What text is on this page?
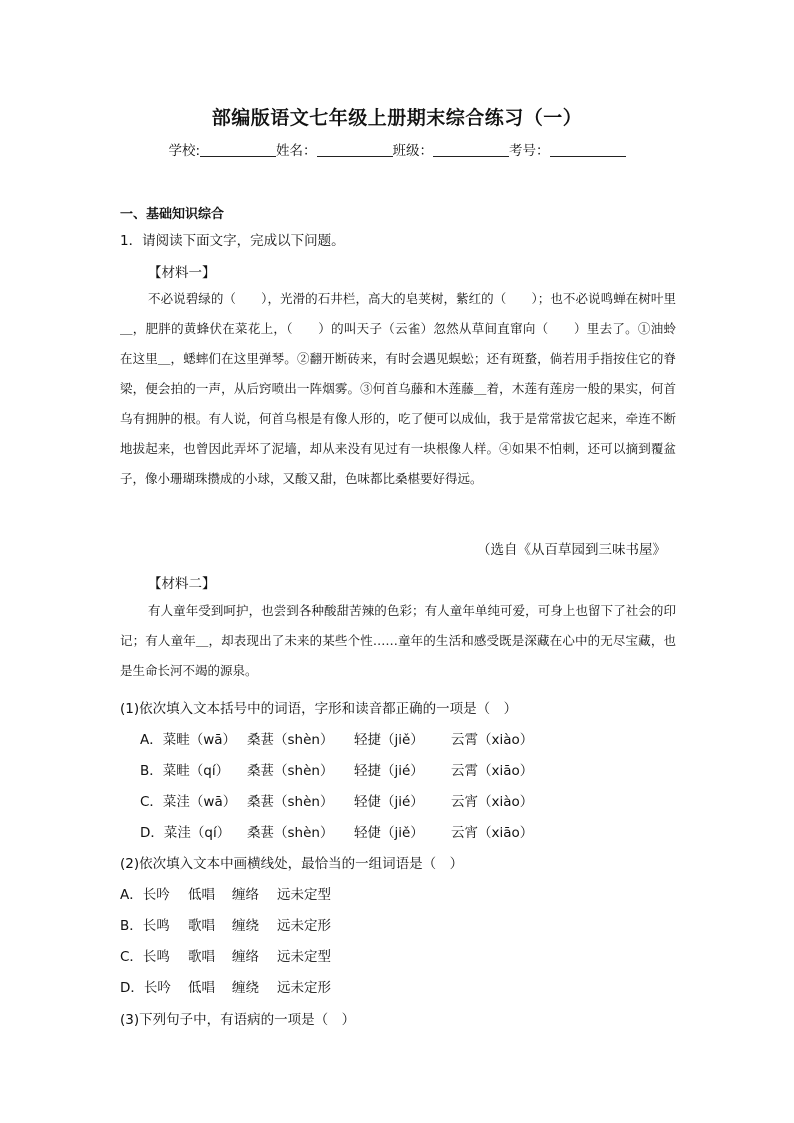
部编版语文七年级上册期末综合练习（一）
学校:	姓名：	班级：	考号：
一、基础知识综合
1．请阅读下面文字，完成以下问题。
【材料一】

不必说碧绿的（　　），光滑的石井栏，高大的皂荚树，紫红的（　　）；也不必说鸣蝉在树叶里＿，肥胖的黄蜂伏在菜花上，（　　）的叫天子（云雀）忽然从草间直窜向（　　）里去了。①油蛉在这里＿，蟋蟀们在这里弹琴。②翻开断砖来，有时会遇见蜈蚣；还有斑蝥，倘若用手指按住它的脊梁，便会拍的一声，从后窍喷出一阵烟雾。③何首乌藤和木莲藤＿着，木莲有莲房一般的果实，何首乌有拥肿的根。有人说，何首乌根是有像人形的，吃了便可以成仙，我于是常常拔它起来，牵连不断地拔起来，也曾因此弄坏了泥墙，却从来没有见过有一块根像人样。④如果不怕刺，还可以摘到覆盆子，像小珊瑚珠攒成的小球，又酸又甜，色味都比桑椹要好得远。

（选自《从百草园到三味书屋》
【材料二】

有人童年受到呵护，也尝到各种酸甜苦辣的色彩；有人童年单纯可爱，可身上也留下了社会的印记；有人童年＿，却表现出了未来的某些个性……童年的生活和感受既是深藏在心中的无尽宝藏，也是生命长河不竭的源泉。

(1)依次填入文本括号中的词语，字形和读音都正确的一项是（　）
A．菜畦（wā） 桑葚（shèn） 轻捷（jiě） 云霄（xiào）
B．菜畦（qí） 桑葚（shèn） 轻捷（jié） 云霄（xiāo）
C．菜洼（wā） 桑葚（shèn） 轻倢（jié） 云宵（xiào）
D．菜洼（qí） 桑葚（shèn） 轻倢（jiě） 云宵（xiāo）
(2)依次填入文本中画横线处，最恰当的一组词语是（　）
A．长吟 低唱 缠络 远未定型
B．长鸣 歌唱 缠绕 远未定形
C．长鸣 歌唱 缠络 远未定型
D．长吟 低唱 缠绕 远未定形
(3)下列句子中，有语病的一项是（　）
